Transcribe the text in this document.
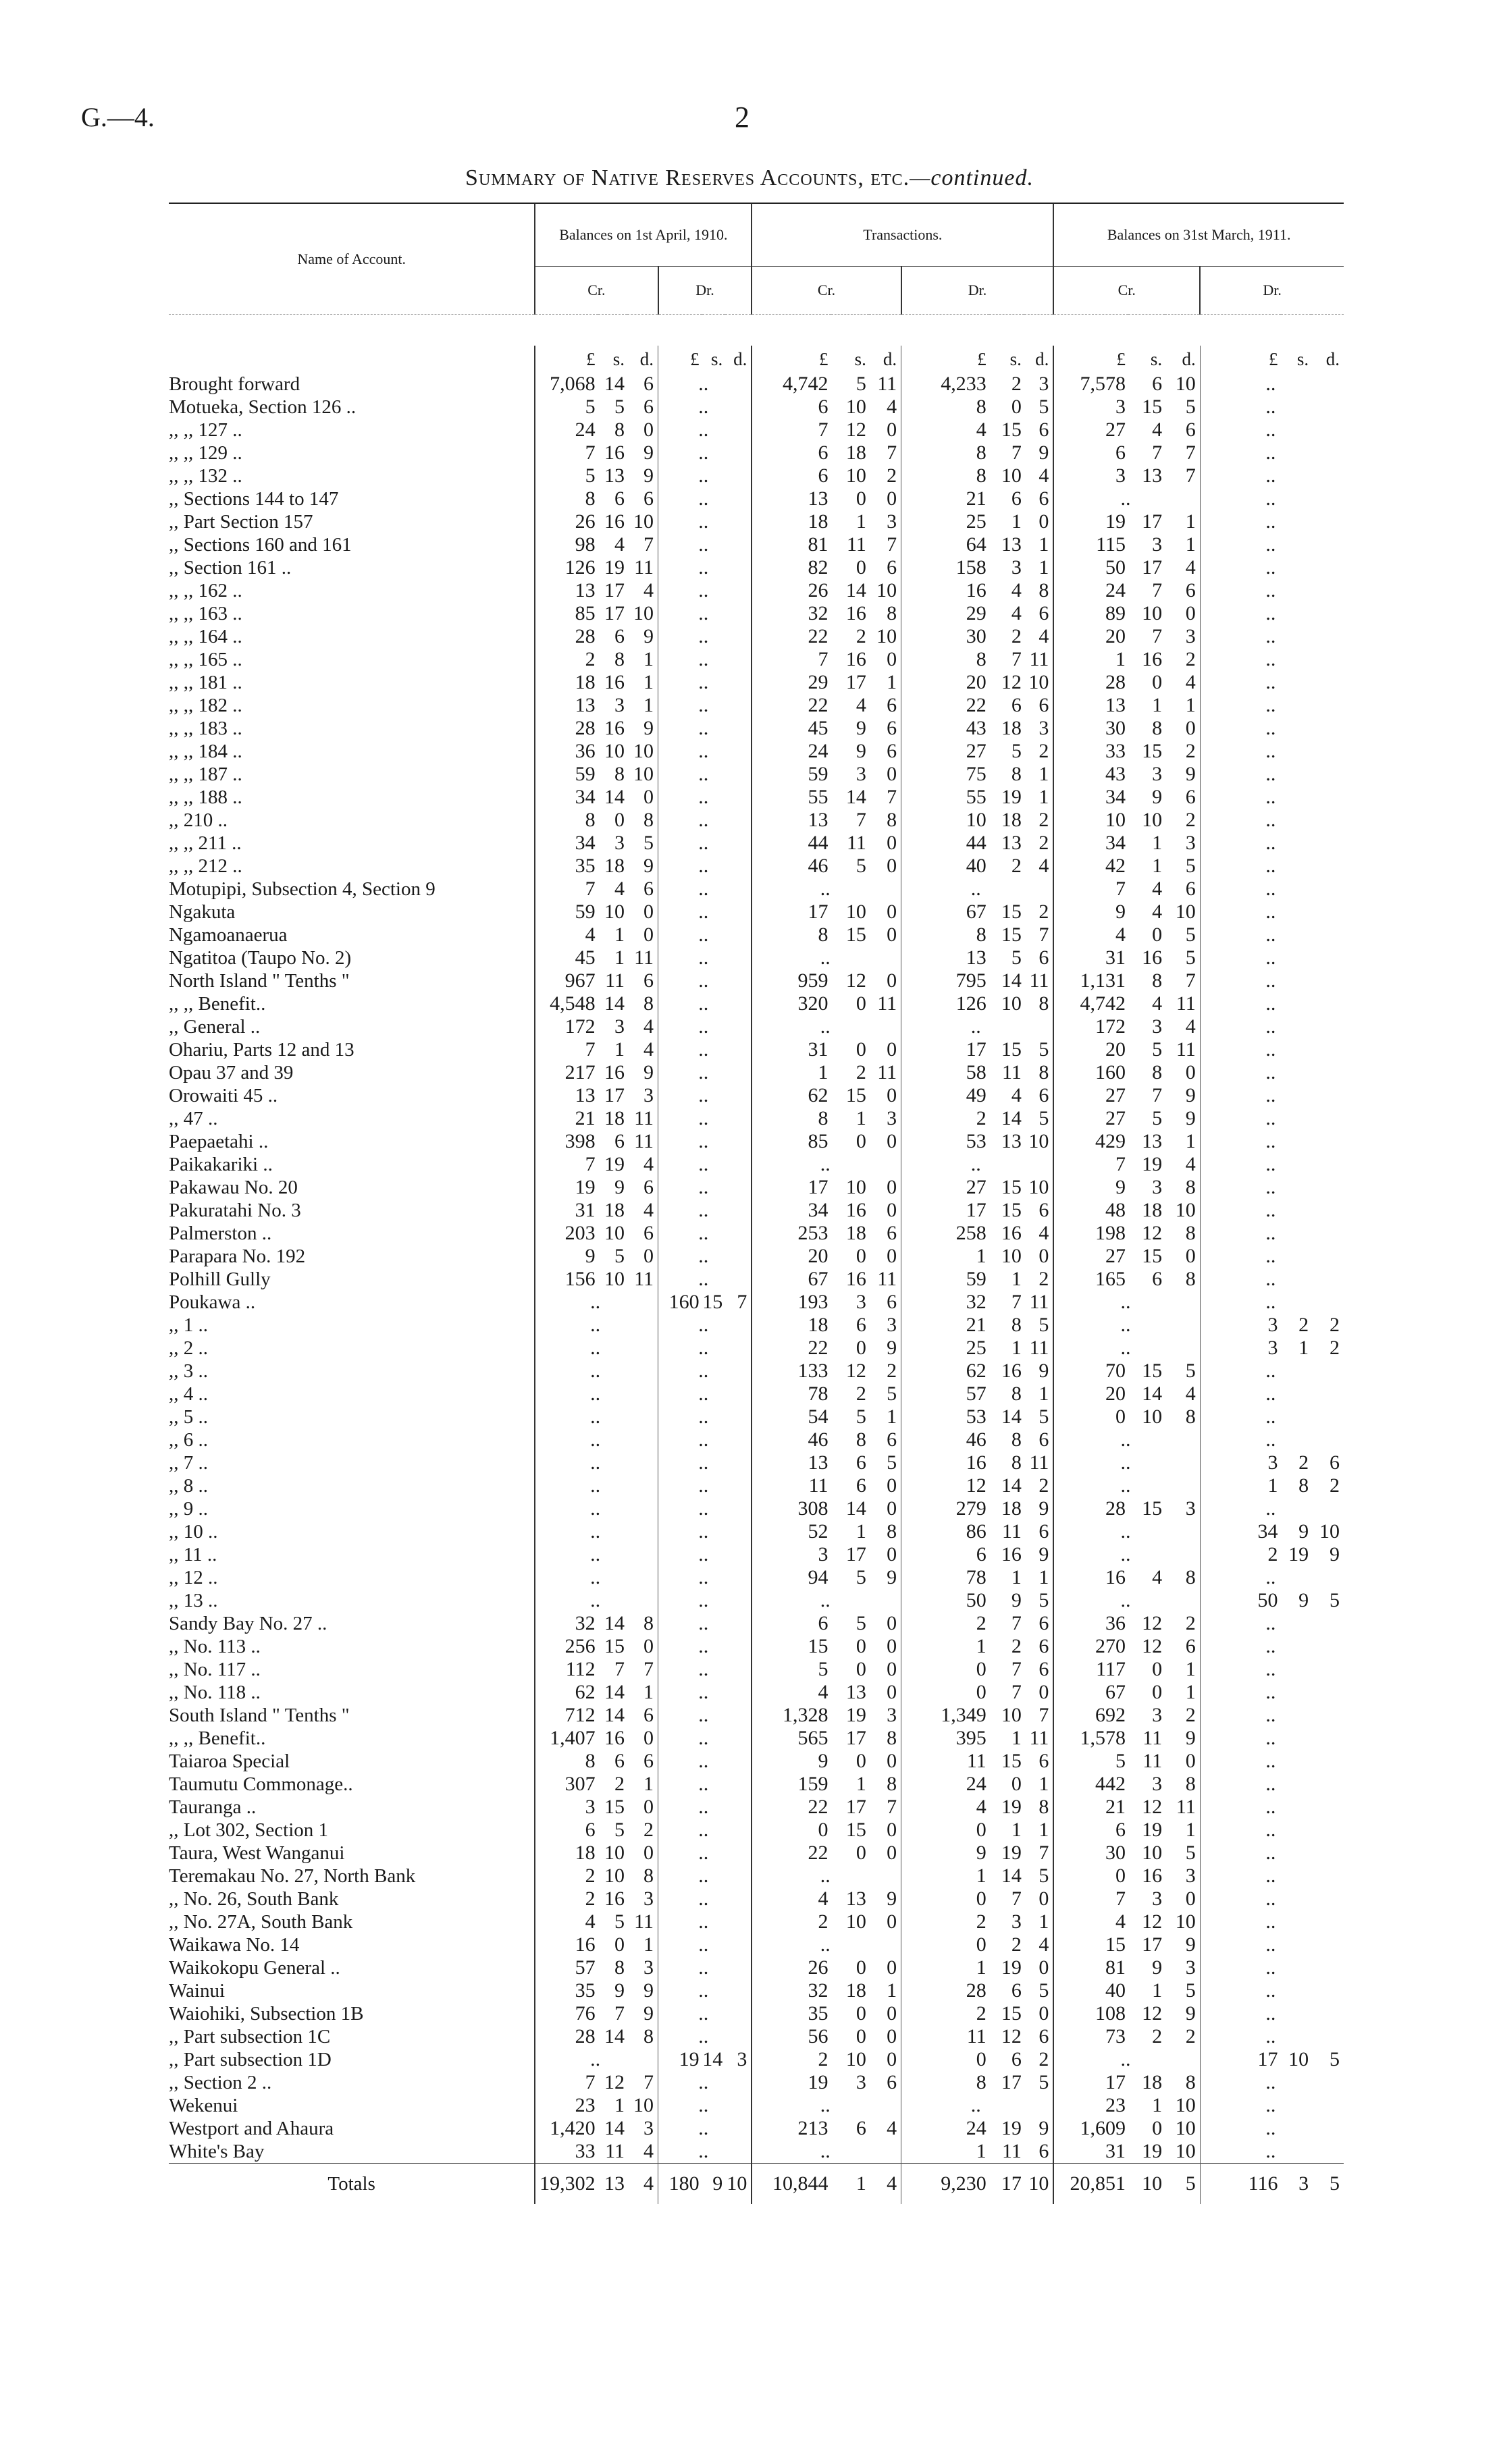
G.—4.	2
Summary of Native Reserves Accounts, etc.—continued.
Name of Account.	Balances on 1st April, 1910.						Transactions.						Balances on 31st March, 1911.					
	Cr.			Dr.			Cr.			Dr.			Cr.			Dr.		

	£	s.	d.	£	s.	d.	£	s.	d.	£	s.	d.	£	s.	d.	£	s.	d.
Brought forward	7,068	14	6	..			4,742	5	11	4,233	2	3	7,578	6	10	..		
Motueka, Section 126 ..	5	5	6	..			6	10	4	8	0	5	3	15	5	..		
,, ,, 127 ..	24	8	0	..			7	12	0	4	15	6	27	4	6	..		
,, ,, 129 ..	7	16	9	..			6	18	7	8	7	9	6	7	7	..		
,, ,, 132 ..	5	13	9	..			6	10	2	8	10	4	3	13	7	..		
,, Sections 144 to 147	8	6	6	..			13	0	0	21	6	6	..			..		
,, Part Section 157	26	16	10	..			18	1	3	25	1	0	19	17	1	..		
,, Sections 160 and 161	98	4	7	..			81	11	7	64	13	1	115	3	1	..		
,, Section 161 ..	126	19	11	..			82	0	6	158	3	1	50	17	4	..		
,, ,, 162 ..	13	17	4	..			26	14	10	16	4	8	24	7	6	..		
,, ,, 163 ..	85	17	10	..			32	16	8	29	4	6	89	10	0	..		
,, ,, 164 ..	28	6	9	..			22	2	10	30	2	4	20	7	3	..		
,, ,, 165 ..	2	8	1	..			7	16	0	8	7	11	1	16	2	..		
,, ,, 181 ..	18	16	1	..			29	17	1	20	12	10	28	0	4	..		
,, ,, 182 ..	13	3	1	..			22	4	6	22	6	6	13	1	1	..		
,, ,, 183 ..	28	16	9	..			45	9	6	43	18	3	30	8	0	..		
,, ,, 184 ..	36	10	10	..			24	9	6	27	5	2	33	15	2	..		
,, ,, 187 ..	59	8	10	..			59	3	0	75	8	1	43	3	9	..		
,, ,, 188 ..	34	14	0	..			55	14	7	55	19	1	34	9	6	..		
,, 210 ..	8	0	8	..			13	7	8	10	18	2	10	10	2	..		
,, ,, 211 ..	34	3	5	..			44	11	0	44	13	2	34	1	3	..		
,, ,, 212 ..	35	18	9	..			46	5	0	40	2	4	42	1	5	..		
Motupipi, Subsection 4, Section 9	7	4	6	..			..			..			7	4	6	..		
Ngakuta	59	10	0	..			17	10	0	67	15	2	9	4	10	..		
Ngamoanaerua	4	1	0	..			8	15	0	8	15	7	4	0	5	..		
Ngatitoa (Taupo No. 2)	45	1	11	..			..			13	5	6	31	16	5	..		
North Island " Tenths "	967	11	6	..			959	12	0	795	14	11	1,131	8	7	..		
,, ,, Benefit..	4,548	14	8	..			320	0	11	126	10	8	4,742	4	11	..		
,, General ..	172	3	4	..			..			..			172	3	4	..		
Ohariu, Parts 12 and 13	7	1	4	..			31	0	0	17	15	5	20	5	11	..		
Opau 37 and 39	217	16	9	..			1	2	11	58	11	8	160	8	0	..		
Orowaiti 45 ..	13	17	3	..			62	15	0	49	4	6	27	7	9	..		
,, 47 ..	21	18	11	..			8	1	3	2	14	5	27	5	9	..		
Paepaetahi ..	398	6	11	..			85	0	0	53	13	10	429	13	1	..		
Paikakariki ..	7	19	4	..			..			..			7	19	4	..		
Pakawau No. 20	19	9	6	..			17	10	0	27	15	10	9	3	8	..		
Pakuratahi No. 3	31	18	4	..			34	16	0	17	15	6	48	18	10	..		
Palmerston ..	203	10	6	..			253	18	6	258	16	4	198	12	8	..		
Parapara No. 192	9	5	0	..			20	0	0	1	10	0	27	15	0	..		
Polhill Gully	156	10	11	..			67	16	11	59	1	2	165	6	8	..		
Poukawa ..	..			160	15	7	193	3	6	32	7	11	..			..		
,, 1 ..	..			..			18	6	3	21	8	5	..			3	2	2
,, 2 ..	..			..			22	0	9	25	1	11	..			3	1	2
,, 3 ..	..			..			133	12	2	62	16	9	70	15	5	..		
,, 4 ..	..			..			78	2	5	57	8	1	20	14	4	..		
,, 5 ..	..			..			54	5	1	53	14	5	0	10	8	..		
,, 6 ..	..			..			46	8	6	46	8	6	..			..		
,, 7 ..	..			..			13	6	5	16	8	11	..			3	2	6
,, 8 ..	..			..			11	6	0	12	14	2	..			1	8	2
,, 9 ..	..			..			308	14	0	279	18	9	28	15	3	..		
,, 10 ..	..			..			52	1	8	86	11	6	..			34	9	10
,, 11 ..	..			..			3	17	0	6	16	9	..			2	19	9
,, 12 ..	..			..			94	5	9	78	1	1	16	4	8	..		
,, 13 ..	..			..			..			50	9	5	..			50	9	5
Sandy Bay No. 27 ..	32	14	8	..			6	5	0	2	7	6	36	12	2	..		
,, No. 113 ..	256	15	0	..			15	0	0	1	2	6	270	12	6	..		
,, No. 117 ..	112	7	7	..			5	0	0	0	7	6	117	0	1	..		
,, No. 118 ..	62	14	1	..			4	13	0	0	7	0	67	0	1	..		
South Island " Tenths "	712	14	6	..			1,328	19	3	1,349	10	7	692	3	2	..		
,, ,, Benefit..	1,407	16	0	..			565	17	8	395	1	11	1,578	11	9	..		
Taiaroa Special	8	6	6	..			9	0	0	11	15	6	5	11	0	..		
Taumutu Commonage..	307	2	1	..			159	1	8	24	0	1	442	3	8	..		
Tauranga ..	3	15	0	..			22	17	7	4	19	8	21	12	11	..		
,, Lot 302, Section 1	6	5	2	..			0	15	0	0	1	1	6	19	1	..		
Taura, West Wanganui	18	10	0	..			22	0	0	9	19	7	30	10	5	..		
Teremakau No. 27, North Bank	2	10	8	..			..			1	14	5	0	16	3	..		
,, No. 26, South Bank	2	16	3	..			4	13	9	0	7	0	7	3	0	..		
,, No. 27A, South Bank	4	5	11	..			2	10	0	2	3	1	4	12	10	..		
Waikawa No. 14	16	0	1	..			..			0	2	4	15	17	9	..		
Waikokopu General ..	57	8	3	..			26	0	0	1	19	0	81	9	3	..		
Wainui	35	9	9	..			32	18	1	28	6	5	40	1	5	..		
Waiohiki, Subsection 1B	76	7	9	..			35	0	0	2	15	0	108	12	9	..		
,, Part subsection 1C	28	14	8	..			56	0	0	11	12	6	73	2	2	..		
,, Part subsection 1D	..			19	14	3	2	10	0	0	6	2	..			17	10	5
,, Section 2 ..	7	12	7	..			19	3	6	8	17	5	17	18	8	..		
Wekenui	23	1	10	..			..			..			23	1	10	..		
Westport and Ahaura	1,420	14	3	..			213	6	4	24	19	9	1,609	0	10	..		
White's Bay	33	11	4	..			..			1	11	6	31	19	10	..		
Totals	19,302	13	4	180	9	10	10,844	1	4	9,230	17	10	20,851	10	5	116	3	5
